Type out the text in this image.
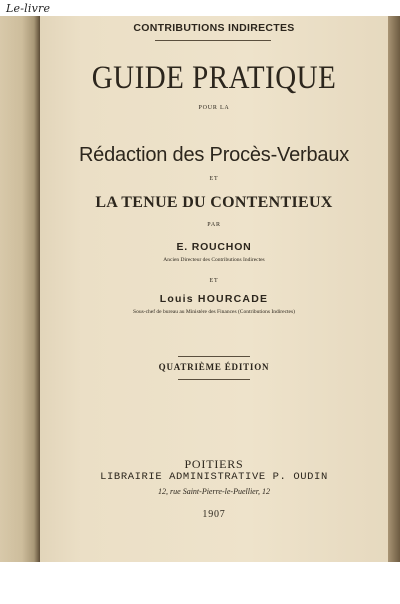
Le-livre
CONTRIBUTIONS INDIRECTES
GUIDE PRATIQUE
POUR LA
Rédaction des Procès-Verbaux
ET
LA TENUE DU CONTENTIEUX
PAR
E. ROUCHON
Ancien Directeur des Contributions Indirectes
ET
Louis HOURCADE
Sous-chef de bureau au Ministère des Finances (Contributions Indirectes)
QUATRIÈME ÉDITION
POITIERS
LIBRAIRIE ADMINISTRATIVE P. OUDIN
12, rue Saint-Pierre-le-Puellier, 12
1907
